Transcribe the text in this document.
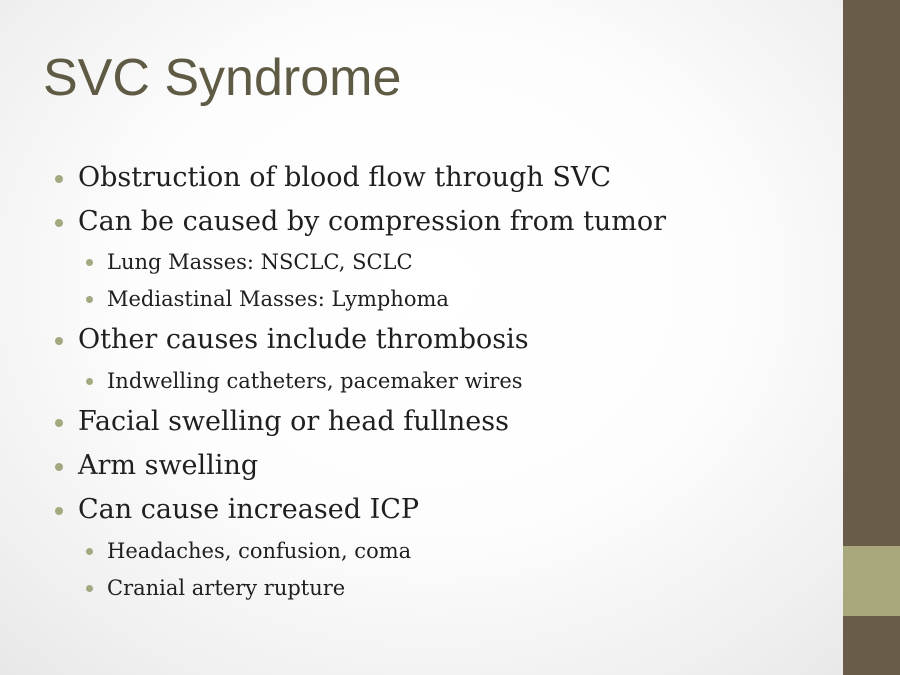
SVC Syndrome
Obstruction of blood flow through SVC
Can be caused by compression from tumor
Lung Masses: NSCLC, SCLC
Mediastinal Masses: Lymphoma
Other causes include thrombosis
Indwelling catheters, pacemaker wires
Facial swelling or head fullness
Arm swelling
Can cause increased ICP
Headaches, confusion, coma
Cranial artery rupture
